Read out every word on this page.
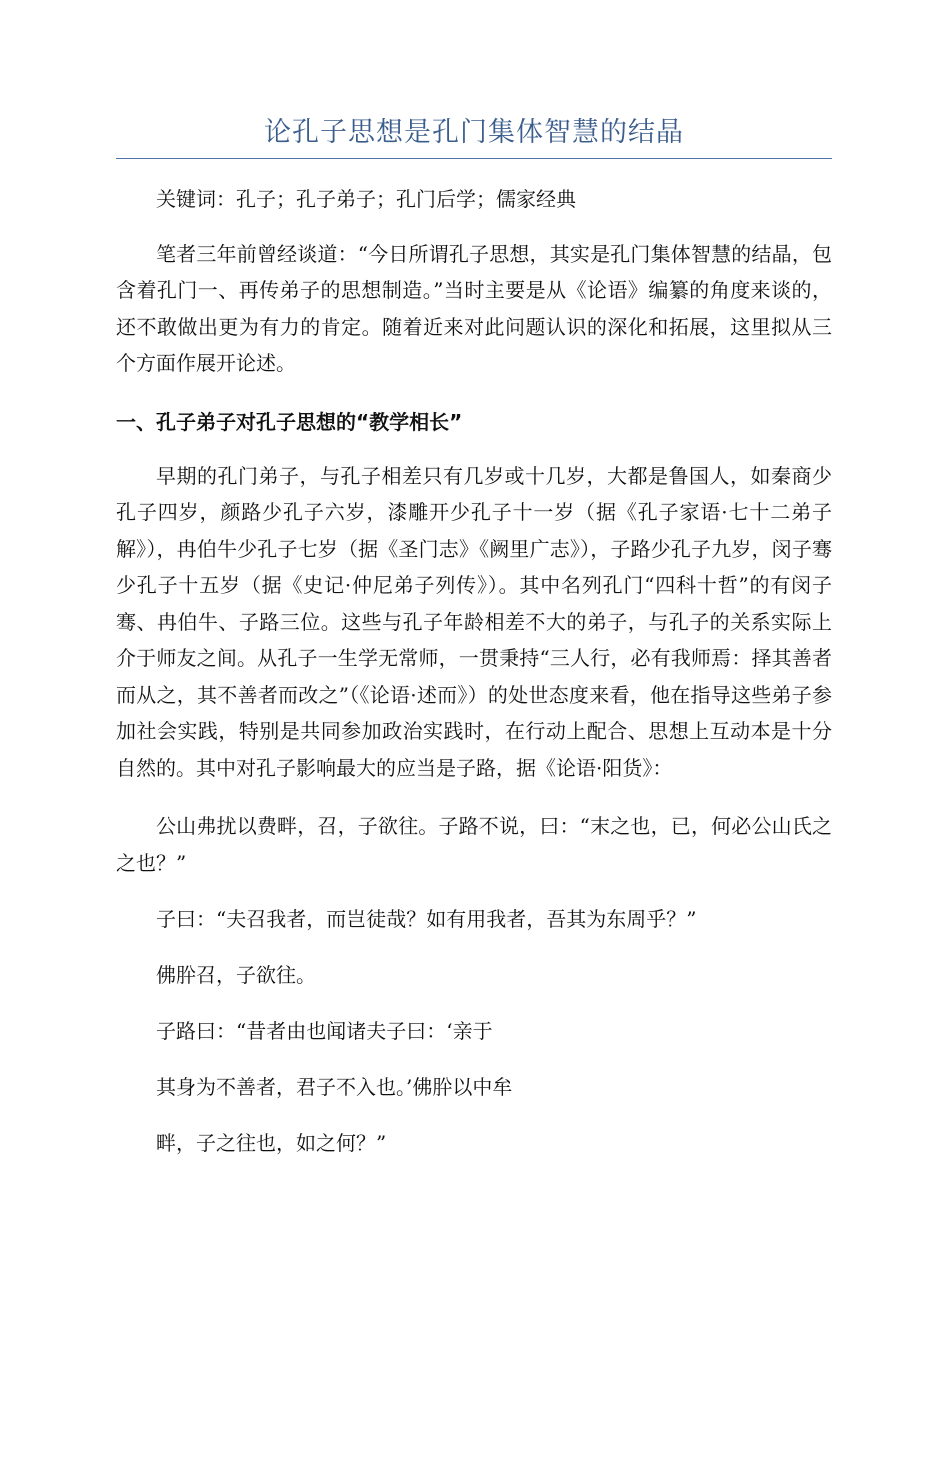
论孔子思想是孔门集体智慧的结晶

关键词：孔子；孔子弟子；孔门后学；儒家经典

笔者三年前曾经谈道：“今日所谓孔子思想，其实是孔门集体智慧的结晶，包含着孔门一、再传弟子的思想制造。”当时主要是从《论语》编纂的角度来谈的，还不敢做出更为有力的肯定。随着近来对此问题认识的深化和拓展，这里拟从三个方面作展开论述。

一、孔子弟子对孔子思想的“教学相长”

早期的孔门弟子，与孔子相差只有几岁或十几岁，大都是鲁国人，如秦商少孔子四岁，颜路少孔子六岁，漆雕开少孔子十一岁（据《孔子家语·七十二弟子解》），冉伯牛少孔子七岁（据《圣门志》《阙里广志》），子路少孔子九岁，闵子骞少孔子十五岁（据《史记·仲尼弟子列传》）。其中名列孔门“四科十哲”的有闵子骞、冉伯牛、子路三位。这些与孔子年龄相差不大的弟子，与孔子的关系实际上介于师友之间。从孔子一生学无常师，一贯秉持“三人行，必有我师焉：择其善者而从之，其不善者而改之”（《论语·述而》）的处世态度来看，他在指导这些弟子参加社会实践，特别是共同参加政治实践时，在行动上配合、思想上互动本是十分自然的。其中对孔子影响最大的应当是子路，据《论语·阳货》：

公山弗扰以费畔，召，子欲往。子路不说，曰：“末之也，已，何必公山氏之之也？”

子曰：“夫召我者，而岂徒哉？如有用我者，吾其为东周乎？”

佛肸召，子欲往。

子路曰：“昔者由也闻诸夫子曰：‘亲于

其身为不善者，君子不入也。’佛肸以中牟

畔，子之往也，如之何？”
